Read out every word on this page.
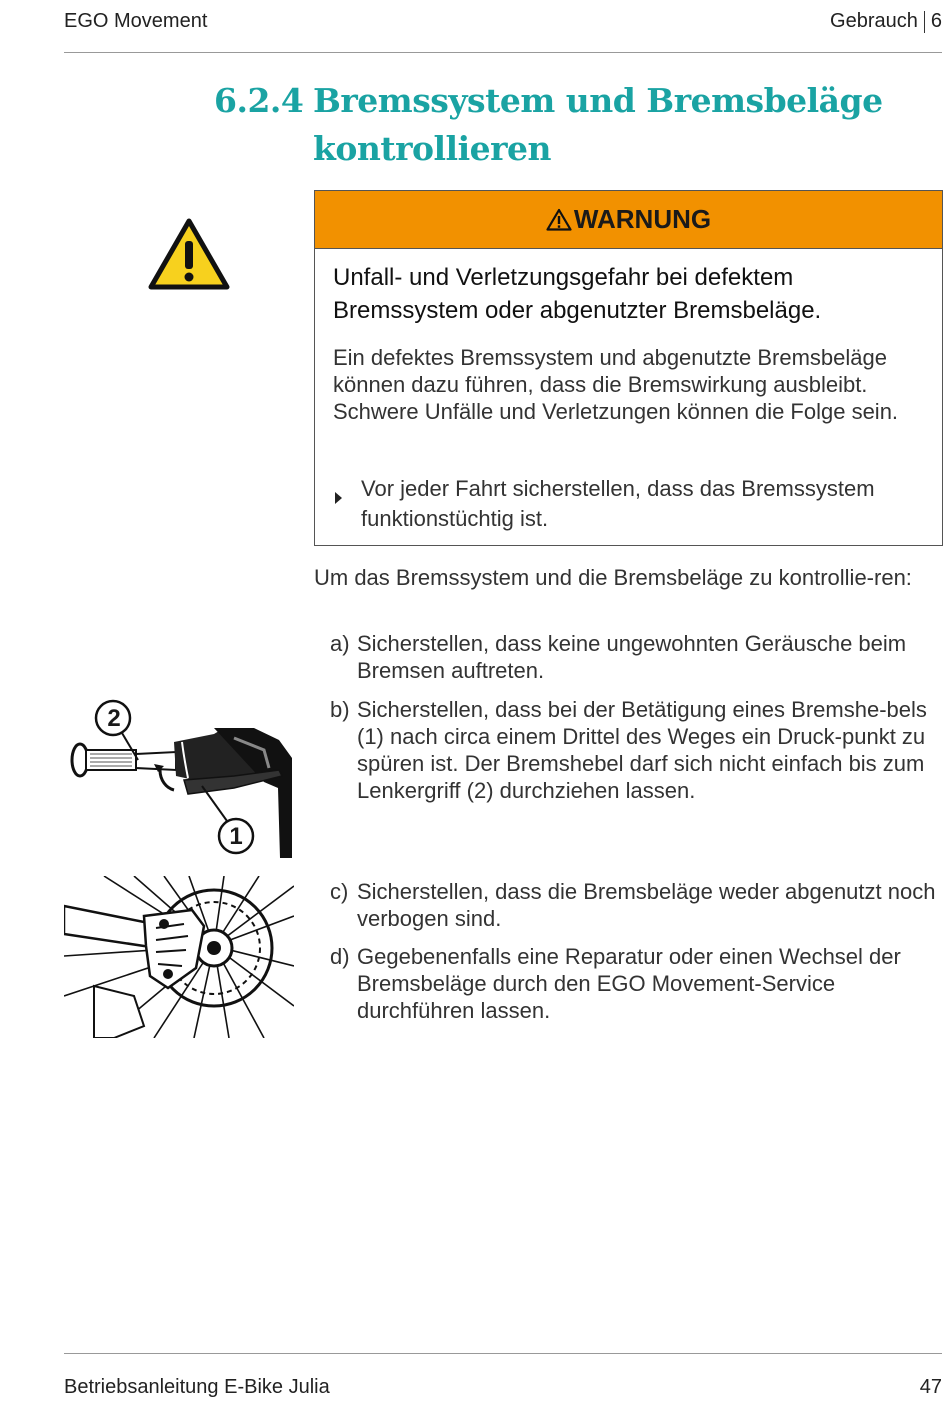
EGO Movement	Gebrauch 6
6.2.4 Bremssystem und Bremsbeläge
kontrollieren
WARNUNG
Unfall- und Verletzungsgefahr bei defektem Bremssystem oder abgenutzter Bremsbeläge.
Ein defektes Bremssystem und abgenutzte Bremsbeläge können dazu führen, dass die Bremswirkung ausbleibt. Schwere Unfälle und Verletzungen können die Folge sein.
Vor jeder Fahrt sicherstellen, dass das Bremssystem funktionstüchtig ist.
Um das Bremssystem und die Bremsbeläge zu kontrollie-ren:
a) Sicherstellen, dass keine ungewohnten Geräusche beim Bremsen auftreten.
b) Sicherstellen, dass bei der Betätigung eines Bremshe-bels (1) nach circa einem Drittel des Weges ein Druck-punkt zu spüren ist. Der Bremshebel darf sich nicht einfach bis zum Lenkergriff (2) durchziehen lassen.
c) Sicherstellen, dass die Bremsbeläge weder abgenutzt noch verbogen sind.
d) Gegebenenfalls eine Reparatur oder einen Wechsel der Bremsbeläge durch den EGO Movement-Service durchführen lassen.
2
1
Betriebsanleitung E-Bike Julia	47
